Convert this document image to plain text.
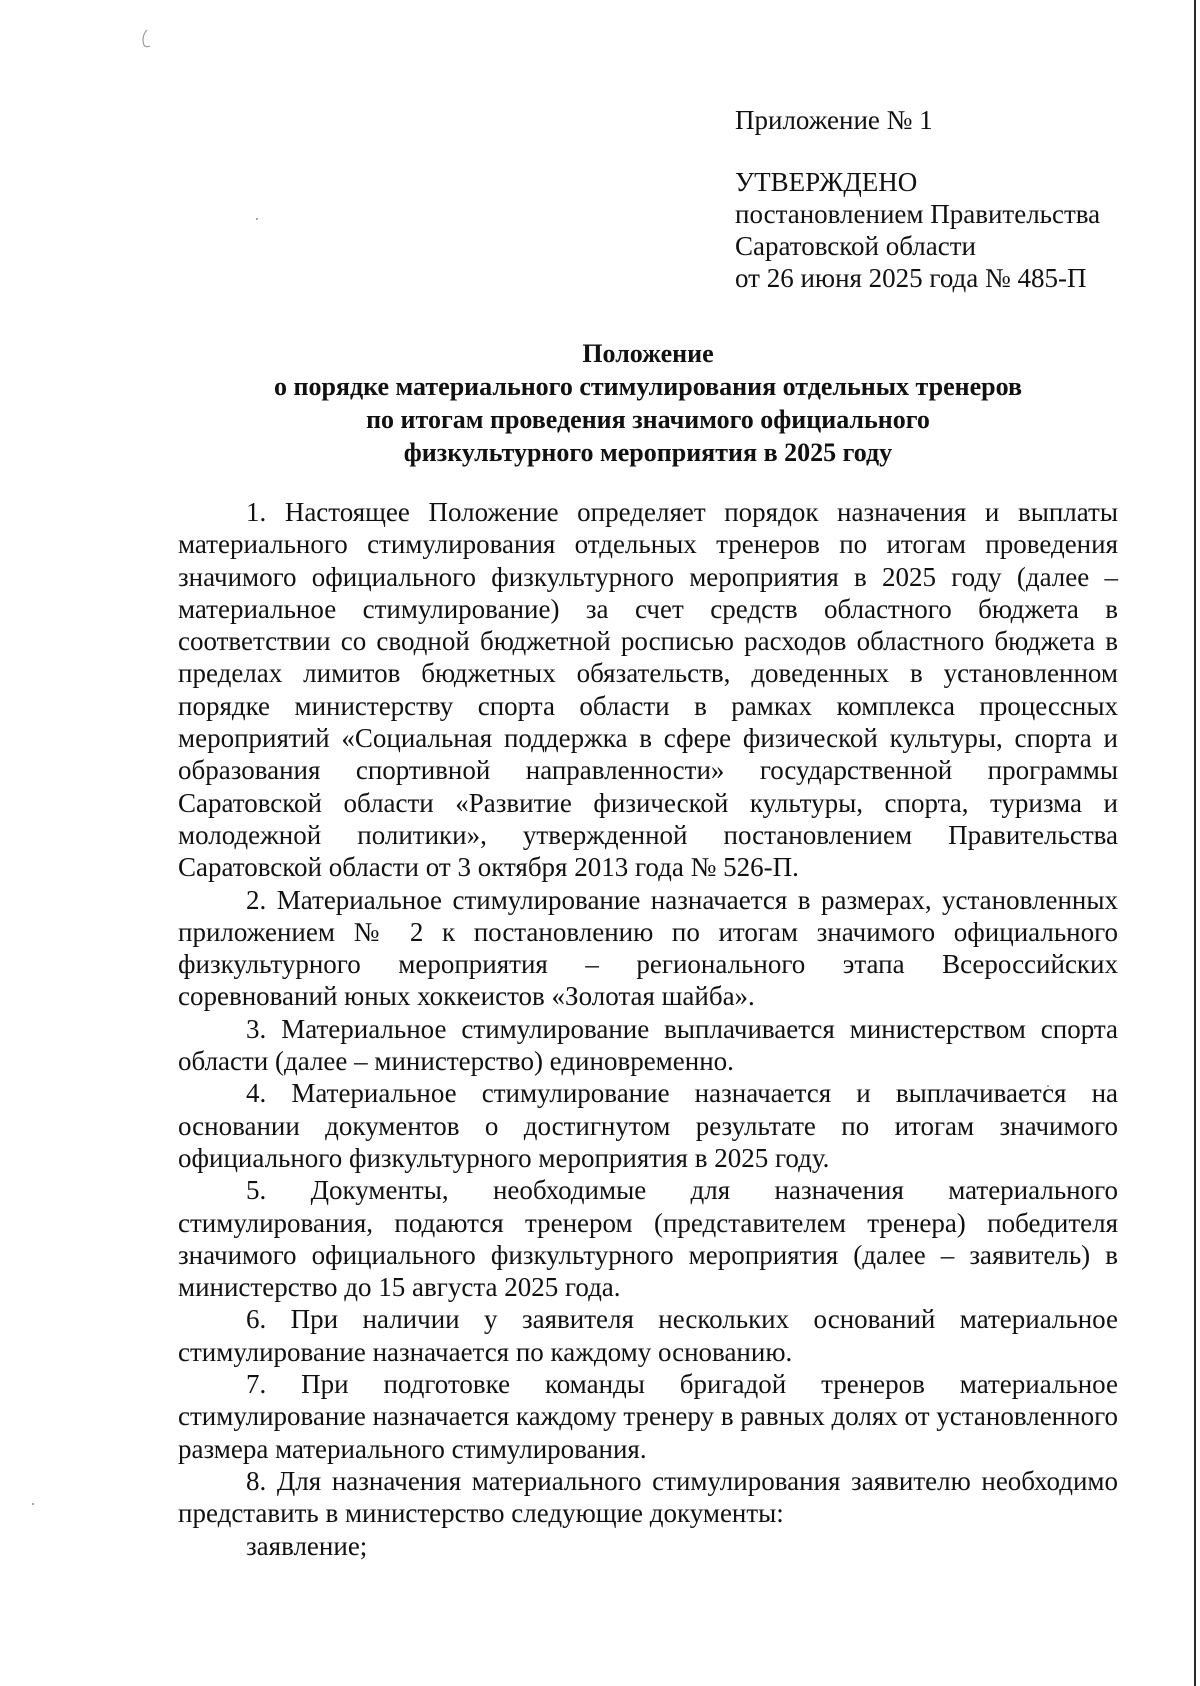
Приложение № 1
УТВЕРЖДЕНО
постановлением Правительства
Саратовской области
от 26 июня 2025 года № 485-П
Положение
о порядке материального стимулирования отдельных тренеров
по итогам проведения значимого официального
физкультурного мероприятия в 2025 году

1. Настоящее Положение определяет порядок назначения и выплаты материального стимулирования отдельных тренеров по итогам проведения значимого официального физкультурного мероприятия в 2025 году (далее – материальное стимулирование) за счет средств областного бюджета в соответствии со сводной бюджетной росписью расходов областного бюджета в пределах лимитов бюджетных обязательств, доведенных в установленном порядке министерству спорта области в рамках комплекса процессных мероприятий «Социальная поддержка в сфере физической культуры, спорта и образования спортивной направленности» государственной программы Саратовской области «Развитие физической культуры, спорта, туризма и молодежной политики», утвержденной постановлением Правительства Саратовской области от 3 октября 2013 года № 526-П.

2. Материальное стимулирование назначается в размерах, установленных приложением № 2 к постановлению по итогам значимого официального физкультурного мероприятия – регионального этапа Всероссийских соревнований юных хоккеистов «Золотая шайба».

3. Материальное стимулирование выплачивается министерством спорта области (далее – министерство) единовременно.

4. Материальное стимулирование назначается и выплачивается на основании документов о достигнутом результате по итогам значимого официального физкультурного мероприятия в 2025 году.

5. Документы, необходимые для назначения материального стимулирования, подаются тренером (представителем тренера) победителя значимого официального физкультурного мероприятия (далее – заявитель) в министерство до 15 августа 2025 года.

6. При наличии у заявителя нескольких оснований материальное стимулирование назначается по каждому основанию.

7. При подготовке команды бригадой тренеров материальное стимулирование назначается каждому тренеру в равных долях от установленного размера материального стимулирования.

8. Для назначения материального стимулирования заявителю необходимо представить в министерство следующие документы:

заявление;
